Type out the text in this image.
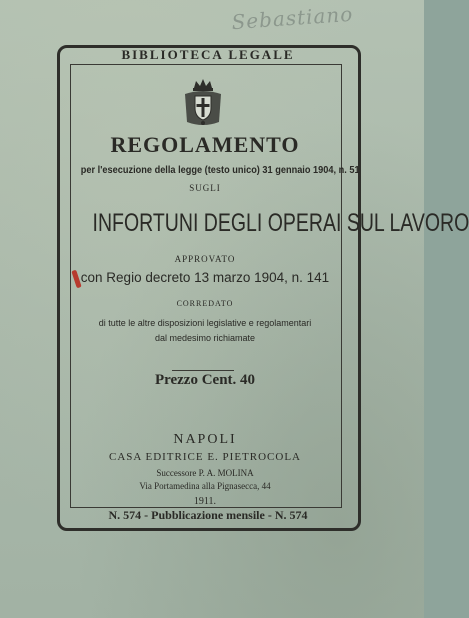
Sebastiano
BIBLIOTECA LEGALE
REGOLAMENTO
per l'esecuzione della legge (testo unico) 31 gennaio 1904, n. 51
SUGLI
INFORTUNI DEGLI OPERAI SUL LAVORO
APPROVATO
con Regio decreto 13 marzo 1904, n. 141
CORREDATO
di tutte le altre disposizioni legislative e regolamentari
dal medesimo richiamate
Prezzo Cent. 40
NAPOLI
CASA EDITRICE E. PIETROCOLA
Successore P. A. MOLINA
Via Portamedina alla Pignasecca, 44
1911.
N. 574 - Pubblicazione mensile - N. 574
